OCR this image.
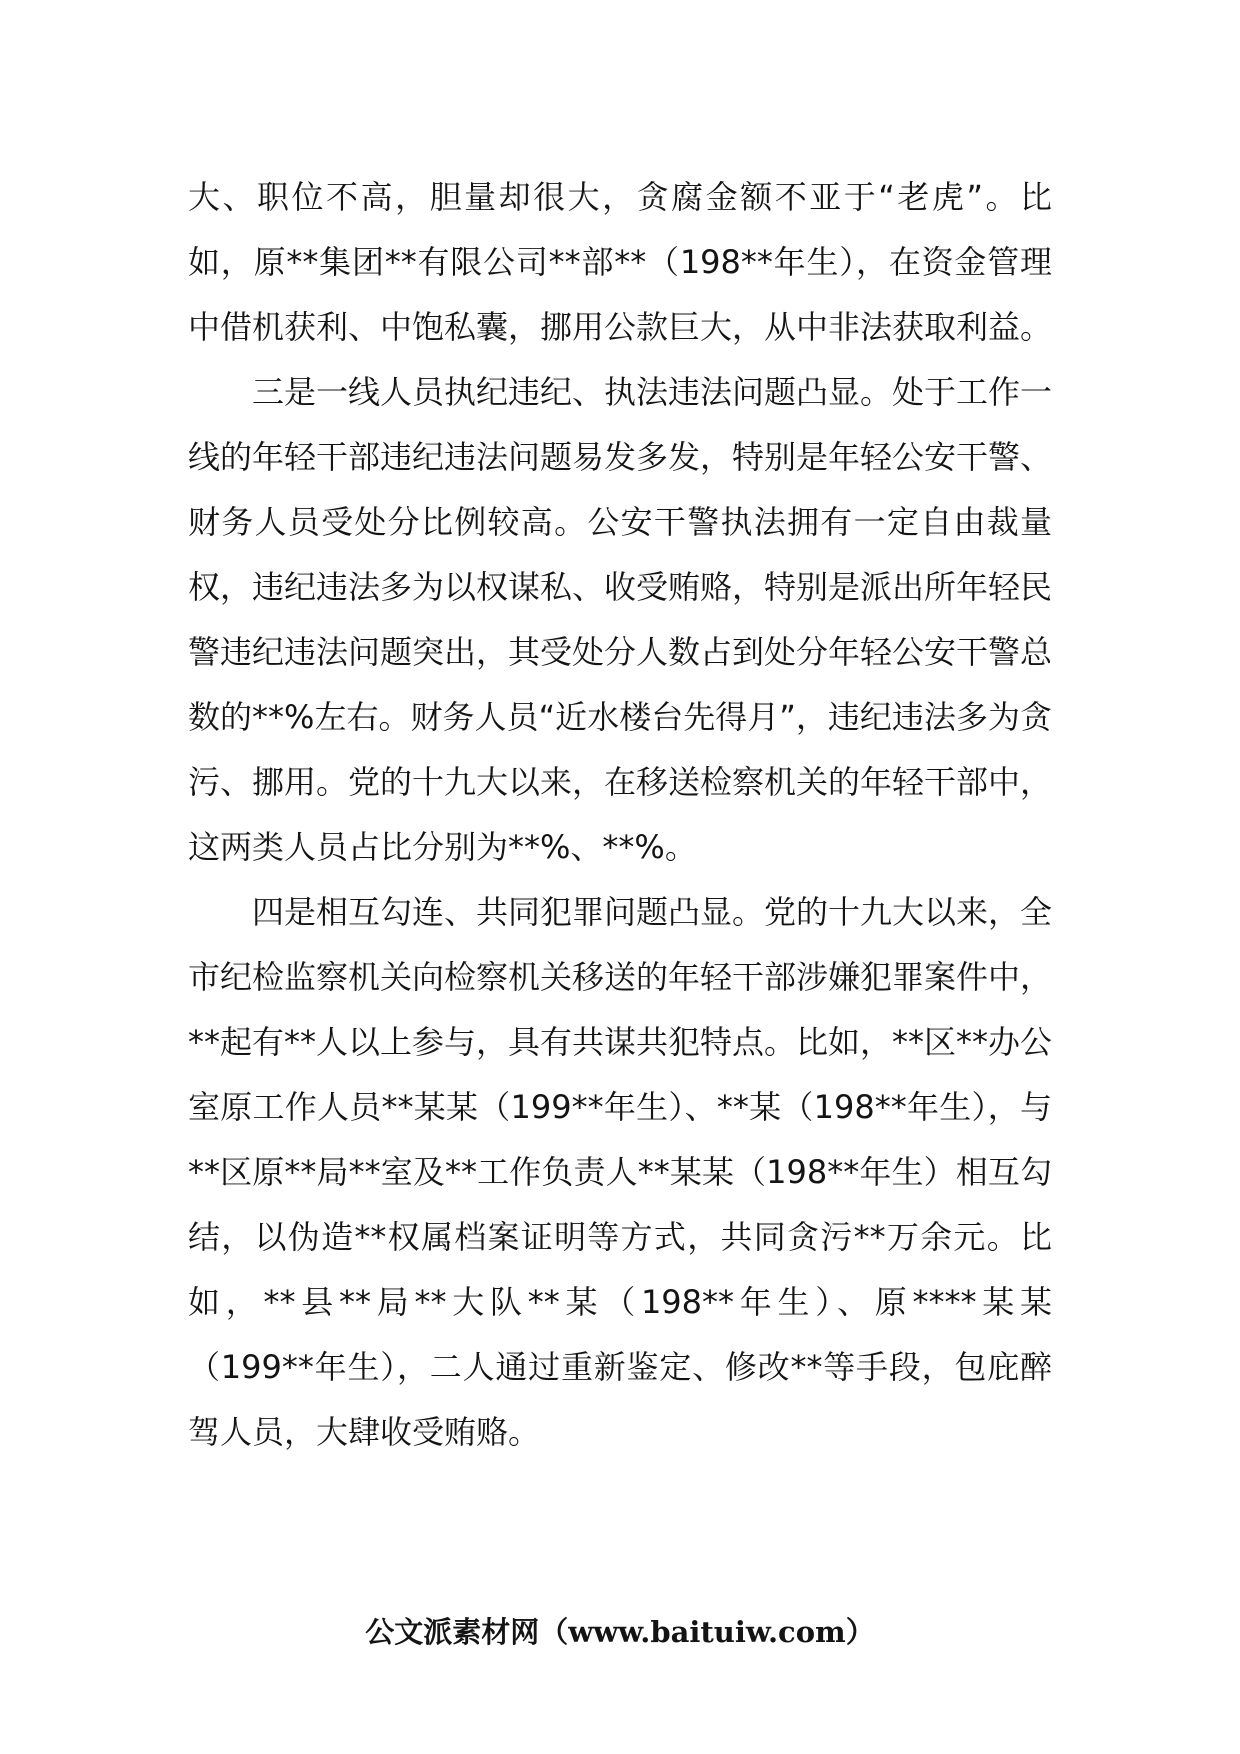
大、职位不高，胆量却很大，贪腐金额不亚于“老虎”。比如，原**集团**有限公司**部**（198**年生），在资金管理中借机获利、中饱私囊，挪用公款巨大，从中非法获取利益。

三是一线人员执纪违纪、执法违法问题凸显。处于工作一线的年轻干部违纪违法问题易发多发，特别是年轻公安干警、财务人员受处分比例较高。公安干警执法拥有一定自由裁量权，违纪违法多为以权谋私、收受贿赂，特别是派出所年轻民警违纪违法问题突出，其受处分人数占到处分年轻公安干警总数的**%左右。财务人员“近水楼台先得月”，违纪违法多为贪污、挪用。党的十九大以来，在移送检察机关的年轻干部中，这两类人员占比分别为**%、**%。

四是相互勾连、共同犯罪问题凸显。党的十九大以来，全市纪检监察机关向检察机关移送的年轻干部涉嫌犯罪案件中，**起有**人以上参与，具有共谋共犯特点。比如，**区**办公室原工作人员**某某（199**年生）、**某（198**年生），与**区原**局**室及**工作负责人**某某（198**年生）相互勾结，以伪造**权属档案证明等方式，共同贪污**万余元。比如，**县**局**大队**某（198**年生）、原****某某（199**年生），二人通过重新鉴定、修改**等手段，包庇醉驾人员，大肆收受贿赂。

公文派素材网（www.baituiw.com）
